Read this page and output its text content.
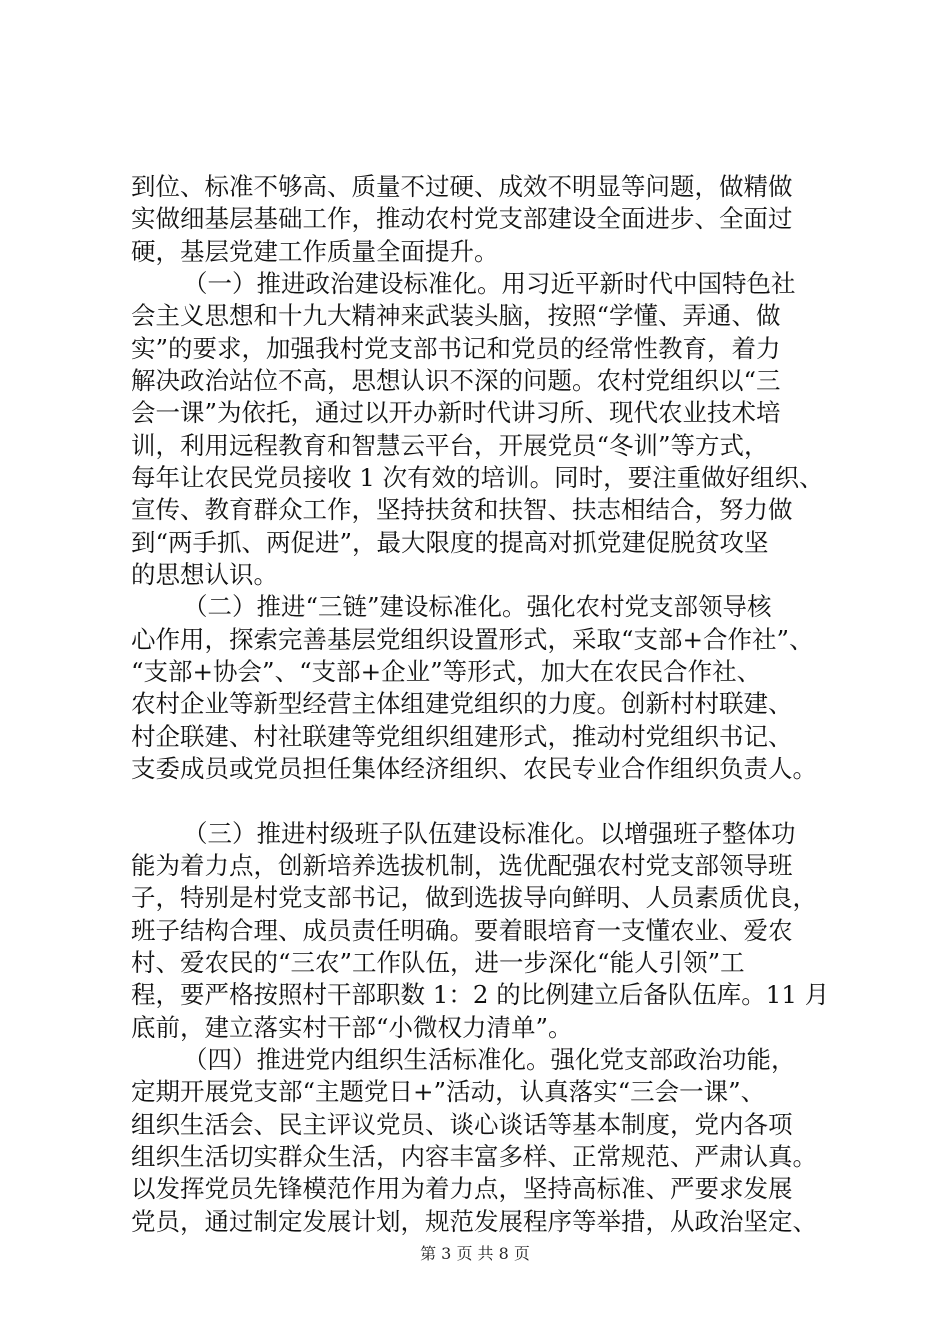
到位、标准不够高、质量不过硬、成效不明显等问题，做精做
实做细基层基础工作，推动农村党支部建设全面进步、全面过
硬，基层党建工作质量全面提升。
（一）推进政治建设标准化。用习近平新时代中国特色社
会主义思想和十九大精神来武装头脑，按照“学懂、弄通、做
实”的要求，加强我村党支部书记和党员的经常性教育，着力
解决政治站位不高，思想认识不深的问题。农村党组织以“三
会一课”为依托，通过以开办新时代讲习所、现代农业技术培
训，利用远程教育和智慧云平台，开展党员“冬训”等方式，
每年让农民党员接收 1 次有效的培训。同时，要注重做好组织、
宣传、教育群众工作，坚持扶贫和扶智、扶志相结合，努力做
到“两手抓、两促进”，最大限度的提高对抓党建促脱贫攻坚
的思想认识。
（二）推进“三链”建设标准化。强化农村党支部领导核
心作用，探索完善基层党组织设置形式，采取“支部+合作社”、
“支部+协会”、“支部+企业”等形式，加大在农民合作社、
农村企业等新型经营主体组建党组织的力度。创新村村联建、
村企联建、村社联建等党组织组建形式，推动村党组织书记、
支委成员或党员担任集体经济组织、农民专业合作组织负责人。
（三）推进村级班子队伍建设标准化。以增强班子整体功
能为着力点，创新培养选拔机制，选优配强农村党支部领导班
子，特别是村党支部书记，做到选拔导向鲜明、人员素质优良，
班子结构合理、成员责任明确。要着眼培育一支懂农业、爱农
村、爱农民的“三农”工作队伍，进一步深化“能人引领”工
程，要严格按照村干部职数 1：2 的比例建立后备队伍库。11 月
底前，建立落实村干部“小微权力清单”。
（四）推进党内组织生活标准化。强化党支部政治功能，
定期开展党支部“主题党日+”活动，认真落实“三会一课”、
组织生活会、民主评议党员、谈心谈话等基本制度，党内各项
组织生活切实群众生活，内容丰富多样、正常规范、严肃认真。
以发挥党员先锋模范作用为着力点，坚持高标准、严要求发展
党员，通过制定发展计划，规范发展程序等举措，从政治坚定、
第 3 页 共 8 页
